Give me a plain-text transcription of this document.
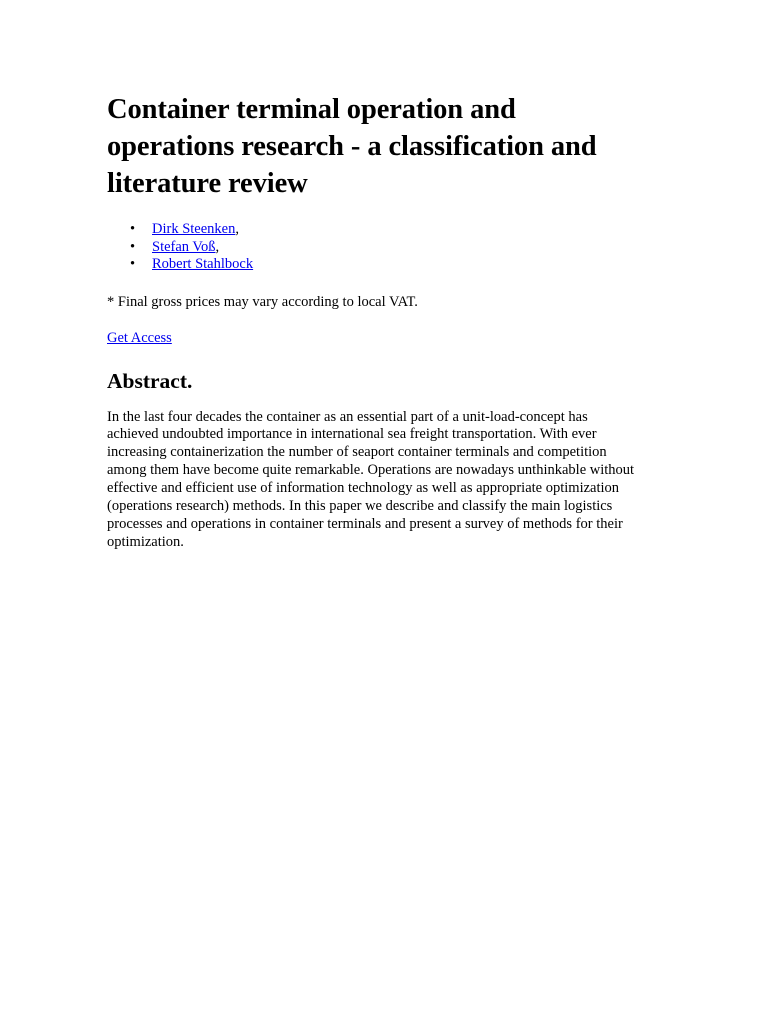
Container terminal operation and
operations research - a classification and
literature review
• Dirk Steenken,
• Stefan Voß,
• Robert Stahlbock

* Final gross prices may vary according to local VAT.

Get Access

Abstract.

In the last four decades the container as an essential part of a unit-load-concept has
achieved undoubted importance in international sea freight transportation. With ever
increasing containerization the number of seaport container terminals and competition
among them have become quite remarkable. Operations are nowadays unthinkable without
effective and efficient use of information technology as well as appropriate optimization
(operations research) methods. In this paper we describe and classify the main logistics
processes and operations in container terminals and present a survey of methods for their
optimization.
